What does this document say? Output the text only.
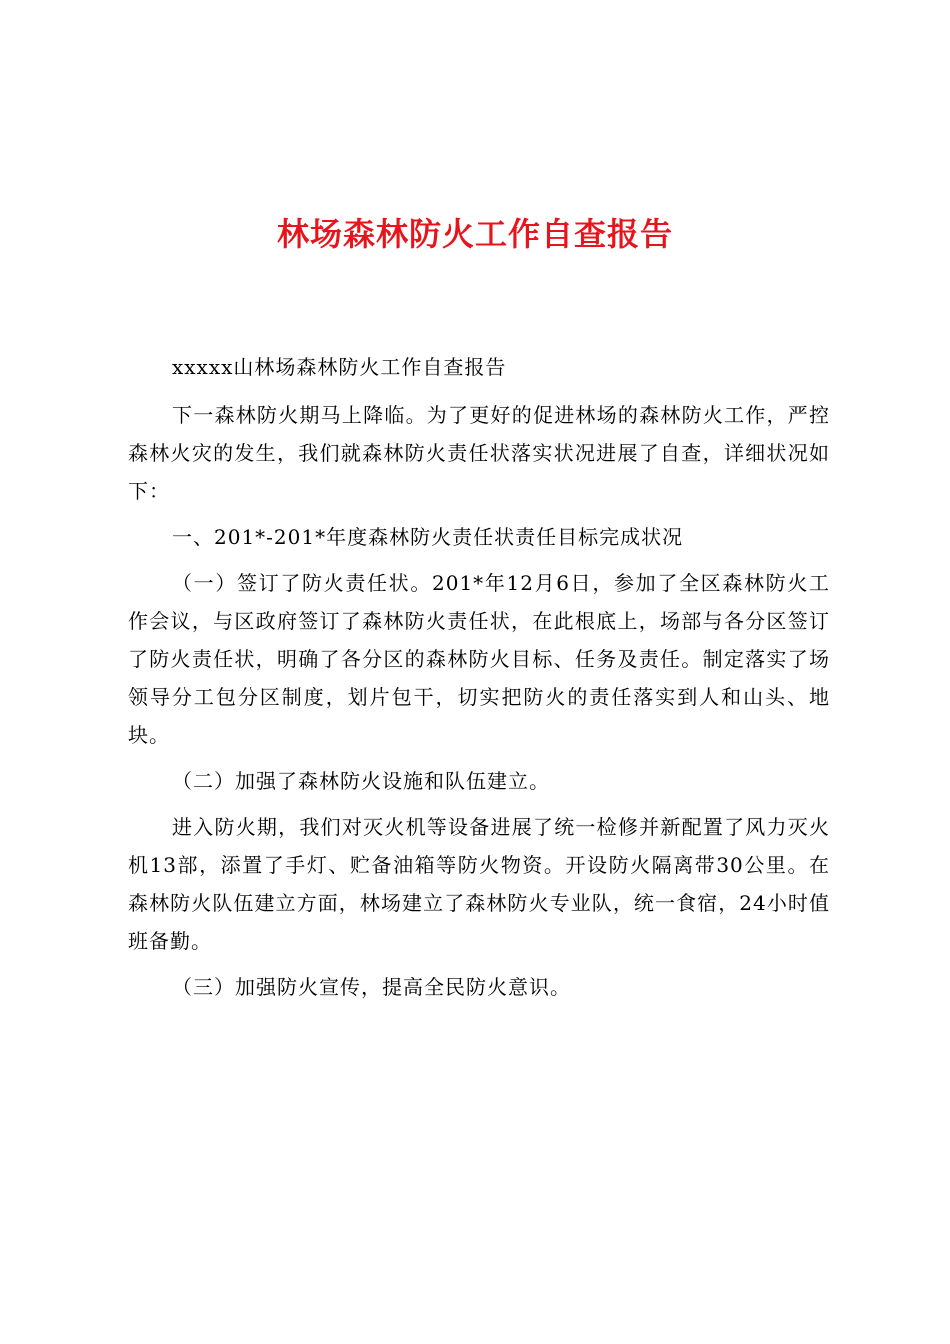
林场森林防火工作自查报告

xxxxx山林场森林防火工作自查报告

下一森林防火期马上降临。为了更好的促进林场的森林防火工作，严控森林火灾的发生，我们就森林防火责任状落实状况进展了自查，详细状况如下：

一、201*-201*年度森林防火责任状责任目标完成状况

（一）签订了防火责任状。201*年12月6日，参加了全区森林防火工作会议，与区政府签订了森林防火责任状，在此根底上，场部与各分区签订了防火责任状，明确了各分区的森林防火目标、任务及责任。制定落实了场领导分工包分区制度，划片包干，切实把防火的责任落实到人和山头、地块。

（二）加强了森林防火设施和队伍建立。

进入防火期，我们对灭火机等设备进展了统一检修并新配置了风力灭火机13部，添置了手灯、贮备油箱等防火物资。开设防火隔离带30公里。在森林防火队伍建立方面，林场建立了森林防火专业队，统一食宿，24小时值班备勤。

（三）加强防火宣传，提高全民防火意识。
